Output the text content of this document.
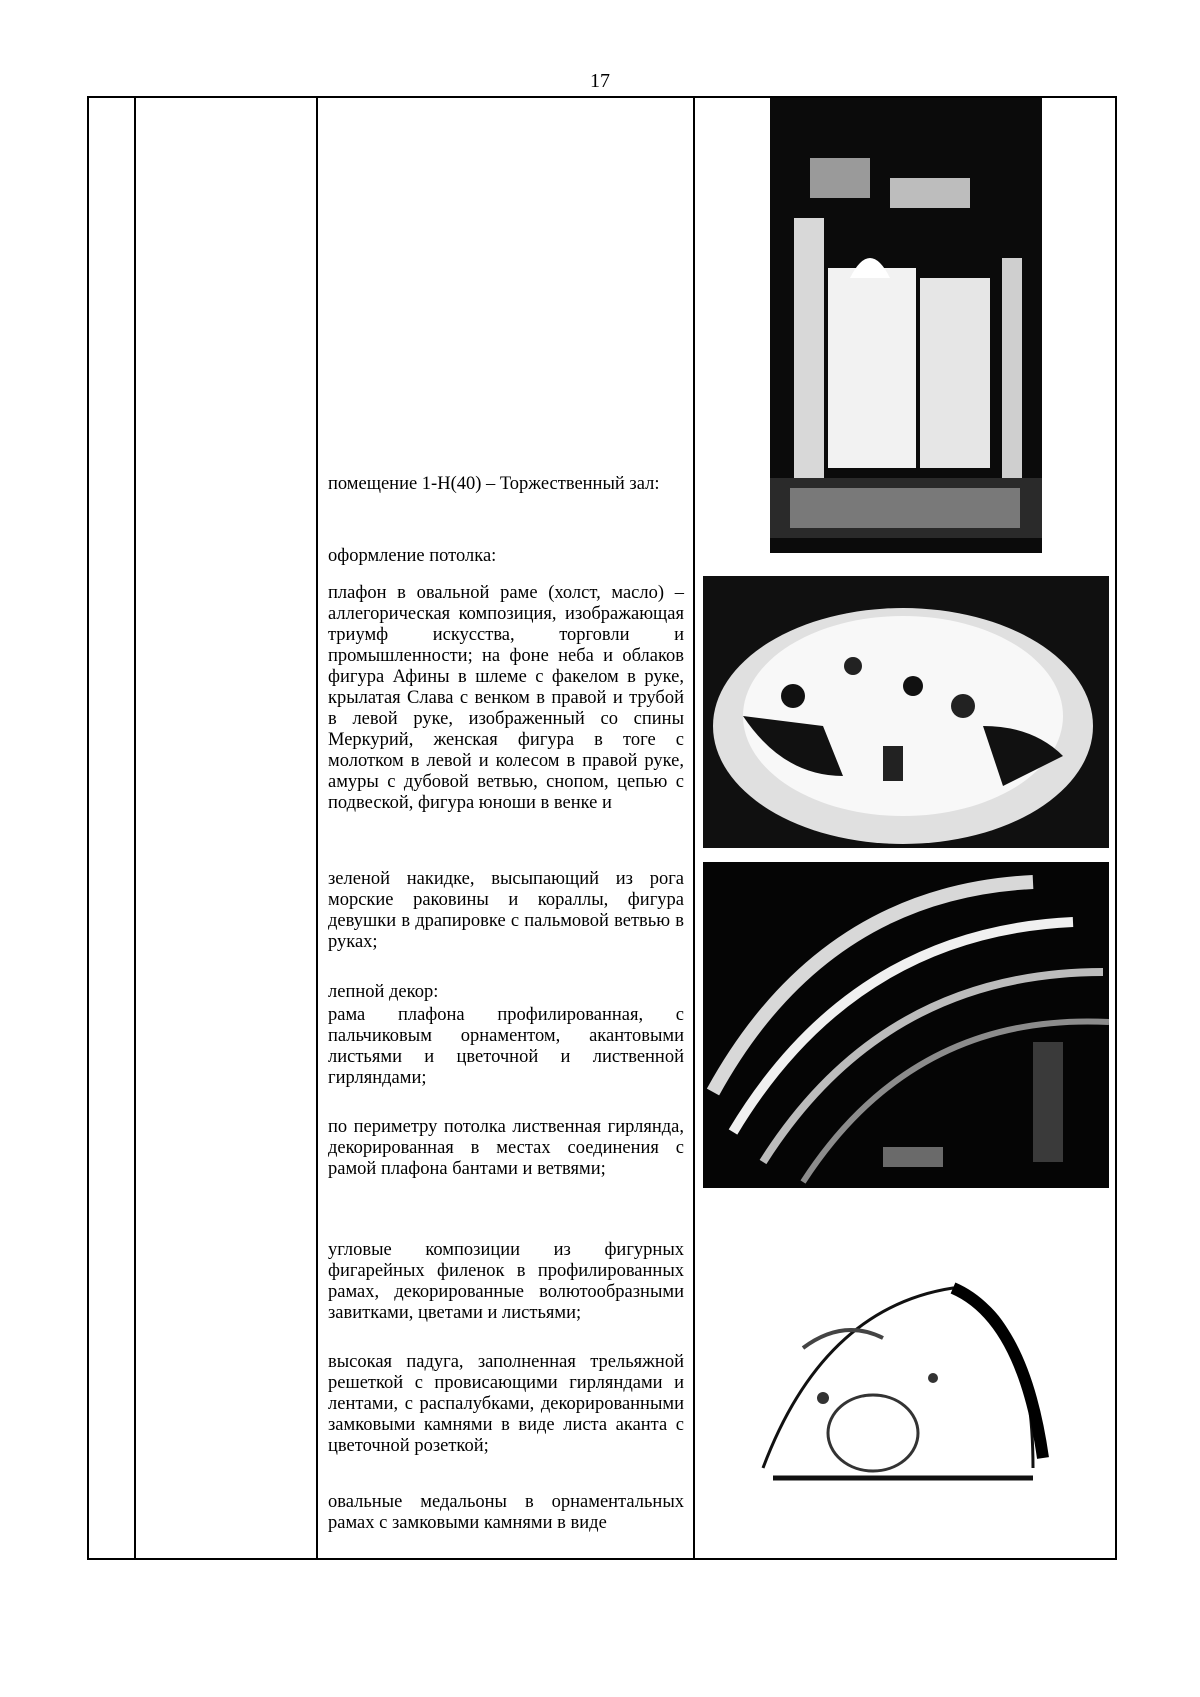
17

помещение 1-Н(40) – Торжественный зал:

оформление потолка:

плафон в овальной раме (холст, масло) – аллегорическая композиция, изображающая триумф искусства, торговли и промышленности; на фоне неба и облаков фигура Афины в шлеме с факелом в руке, крылатая Слава с венком в правой и трубой в левой руке, изображенный со спины Меркурий, женская фигура в тоге с молотком в левой и колесом в правой руке, амуры с дубовой ветвью, снопом, цепью с подвеской, фигура юноши в венке и

зеленой накидке, высыпающий из рога морские раковины и кораллы, фигура девушки в драпировке с пальмовой ветвью в руках;

лепной декор:

рама плафона профилированная, с пальчиковым орнаментом, акантовыми листьями и цветочной и лиственной гирляндами;

по периметру потолка лиственная гирлянда, декорированная в местах соединения с рамой плафона бантами и ветвями;

угловые композиции из фигурных фигарейных филенок в профилированных рамах, декорированные волютообразными завитками, цветами и листьями;

высокая падуга, заполненная трельяжной решеткой с провисающими гирляндами и лентами, с распалубками, декорированными замковыми камнями в виде листа аканта с цветочной розеткой;

овальные медальоны в орнаментальных рамах с замковыми камнями в виде
